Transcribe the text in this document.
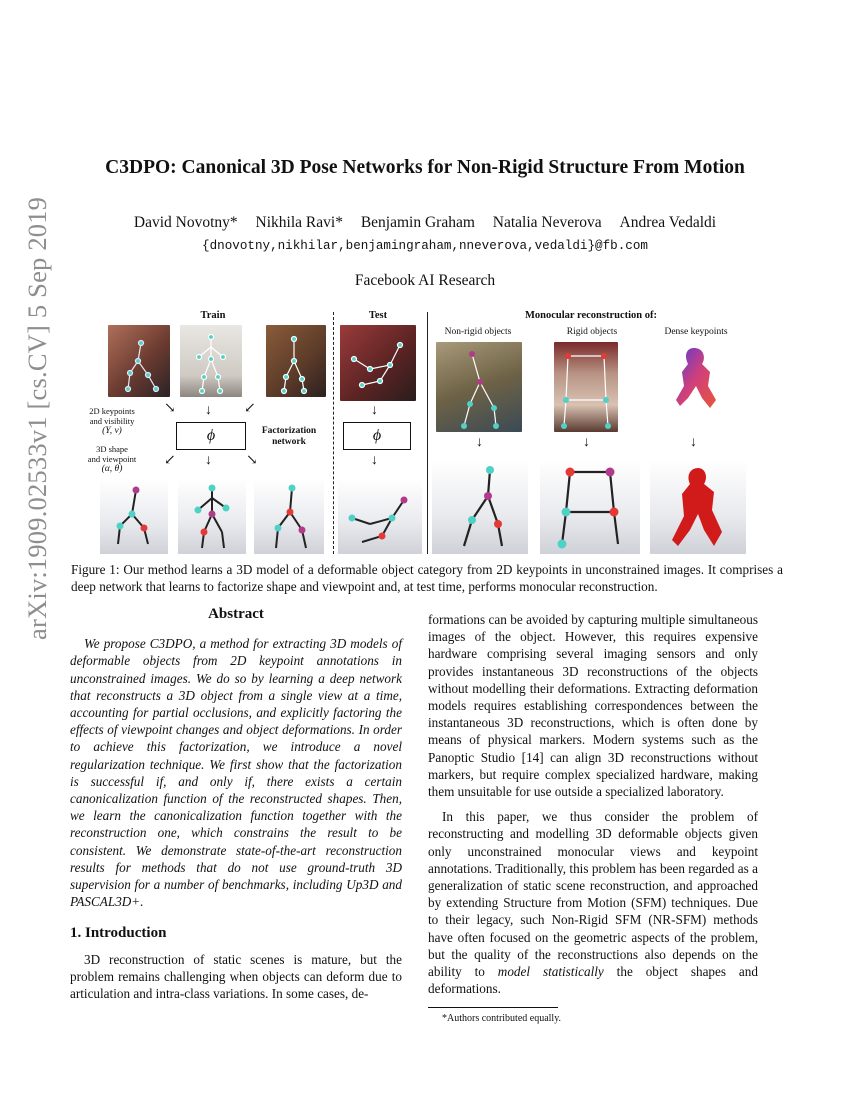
arXiv:1909.02533v1 [cs.CV] 5 Sep 2019
C3DPO: Canonical 3D Pose Networks for Non-Rigid Structure From Motion
David Novotny* Nikhila Ravi* Benjamin Graham Natalia Neverova Andrea Vedaldi
{dnovotny,nikhilar,benjamingraham,nneverova,vedaldi}@fb.com
Facebook AI Research
Train	Test	Monocular reconstruction of:
Non-rigid objects	Rigid objects	Dense keypoints
2D keypoints
and visibility
(Y, v)
3D shape
and viewpoint
(α, θ)
↘ ↓ ↙
ϕ	Factorization
network
↙ ↓ ↘
↓
ϕ
↓
↓	↓	↓

Figure 1: Our method learns a 3D model of a deformable object category from 2D keypoints in unconstrained images. It comprises a deep network that learns to factorize shape and viewpoint and, at test time, performs monocular reconstruction.

Abstract

We propose C3DPO, a method for extracting 3D models of deformable objects from 2D keypoint annotations in unconstrained images. We do so by learning a deep network that reconstructs a 3D object from a single view at a time, accounting for partial occlusions, and explicitly factoring the effects of viewpoint changes and object deformations. In order to achieve this factorization, we introduce a novel regularization technique. We first show that the factorization is successful if, and only if, there exists a certain canonicalization function of the reconstructed shapes. Then, we learn the canonicalization function together with the reconstruction one, which constrains the result to be consistent. We demonstrate state-of-the-art reconstruction results for methods that do not use ground-truth 3D supervision for a number of benchmarks, including Up3D and PASCAL3D+.

1. Introduction

3D reconstruction of static scenes is mature, but the problem remains challenging when objects can deform due to articulation and intra-class variations. In some cases, de-

formations can be avoided by capturing multiple simultaneous images of the object. However, this requires expensive hardware comprising several imaging sensors and only provides instantaneous 3D reconstructions of the objects without modelling their deformations. Extracting deformation models requires establishing correspondences between the instantaneous 3D reconstructions, which is often done by means of physical markers. Modern systems such as the Panoptic Studio [14] can align 3D reconstructions without markers, but require complex specialized hardware, making them unsuitable for use outside a specialized laboratory.

In this paper, we thus consider the problem of reconstructing and modelling 3D deformable objects given only unconstrained monocular views and keypoint annotations. Traditionally, this problem has been regarded as a generalization of static scene reconstruction, and approached by extending Structure from Motion (SFM) techniques. Due to their legacy, such Non-Rigid SFM (NR-SFM) methods have often focused on the geometric aspects of the problem, but the quality of the reconstructions also depends on the ability to model statistically the object shapes and deformations.

*Authors contributed equally.
